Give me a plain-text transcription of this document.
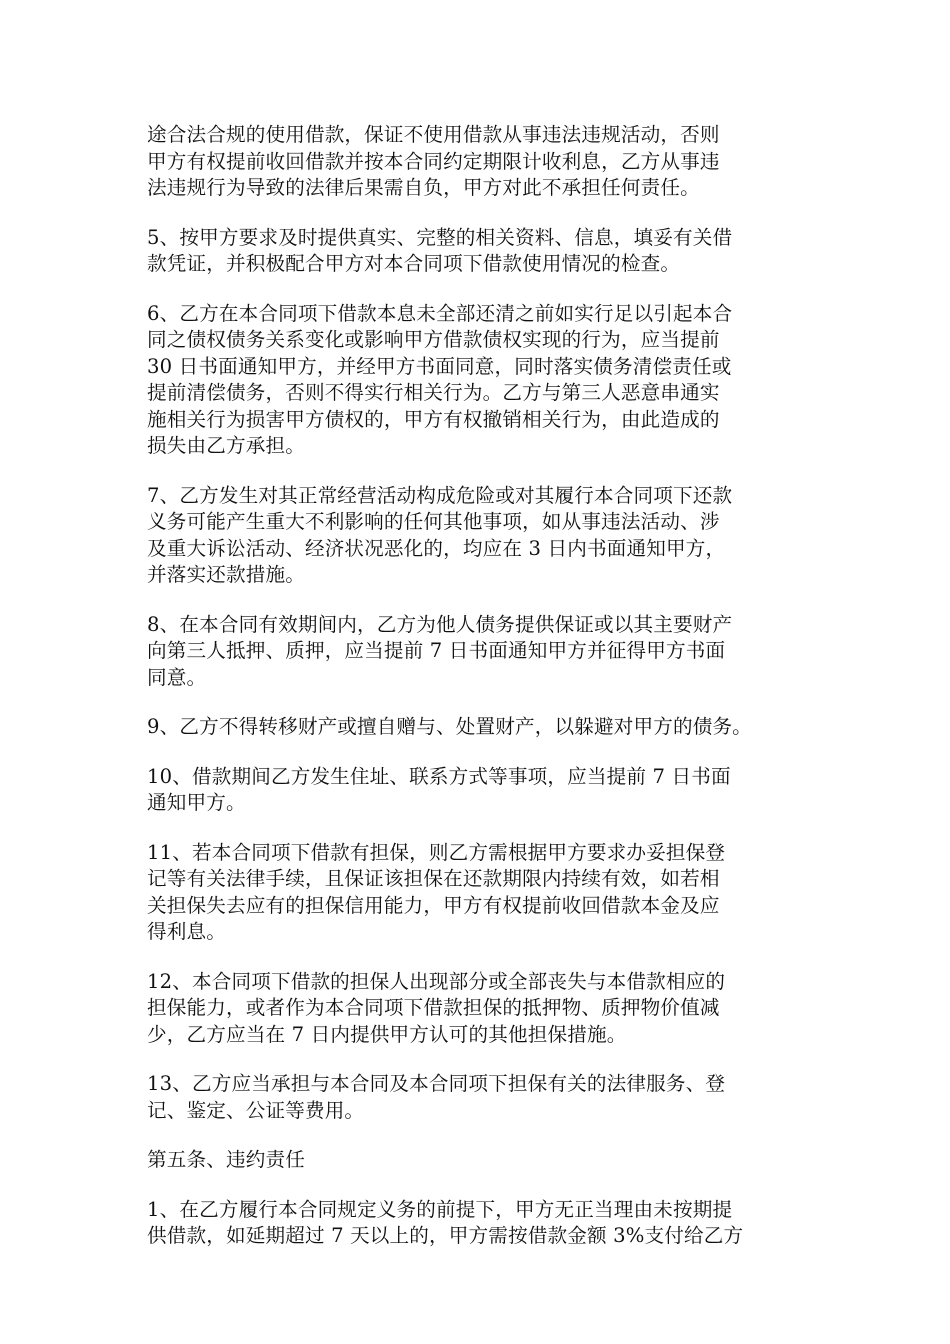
途合法合规的使用借款，保证不使用借款从事违法违规活动，否则
甲方有权提前收回借款并按本合同约定期限计收利息，乙方从事违
法违规行为导致的法律后果需自负，甲方对此不承担任何责任。

5、按甲方要求及时提供真实、完整的相关资料、信息，填妥有关借
款凭证，并积极配合甲方对本合同项下借款使用情况的检查。

6、乙方在本合同项下借款本息未全部还清之前如实行足以引起本合
同之债权债务关系变化或影响甲方借款债权实现的行为，应当提前
30 日书面通知甲方，并经甲方书面同意，同时落实债务清偿责任或
提前清偿债务，否则不得实行相关行为。乙方与第三人恶意串通实
施相关行为损害甲方债权的，甲方有权撤销相关行为，由此造成的
损失由乙方承担。

7、乙方发生对其正常经营活动构成危险或对其履行本合同项下还款
义务可能产生重大不利影响的任何其他事项，如从事违法活动、涉
及重大诉讼活动、经济状况恶化的，均应在 3 日内书面通知甲方，
并落实还款措施。

8、在本合同有效期间内，乙方为他人债务提供保证或以其主要财产
向第三人抵押、质押，应当提前 7 日书面通知甲方并征得甲方书面
同意。

9、乙方不得转移财产或擅自赠与、处置财产，以躲避对甲方的债务。

10、借款期间乙方发生住址、联系方式等事项，应当提前 7 日书面
通知甲方。

11、若本合同项下借款有担保，则乙方需根据甲方要求办妥担保登
记等有关法律手续，且保证该担保在还款期限内持续有效，如若相
关担保失去应有的担保信用能力，甲方有权提前收回借款本金及应
得利息。

12、本合同项下借款的担保人出现部分或全部丧失与本借款相应的
担保能力，或者作为本合同项下借款担保的抵押物、质押物价值减
少，乙方应当在 7 日内提供甲方认可的其他担保措施。

13、乙方应当承担与本合同及本合同项下担保有关的法律服务、登
记、鉴定、公证等费用。

第五条、违约责任

1、在乙方履行本合同规定义务的前提下，甲方无正当理由未按期提
供借款，如延期超过 7 天以上的，甲方需按借款金额 3%支付给乙方
